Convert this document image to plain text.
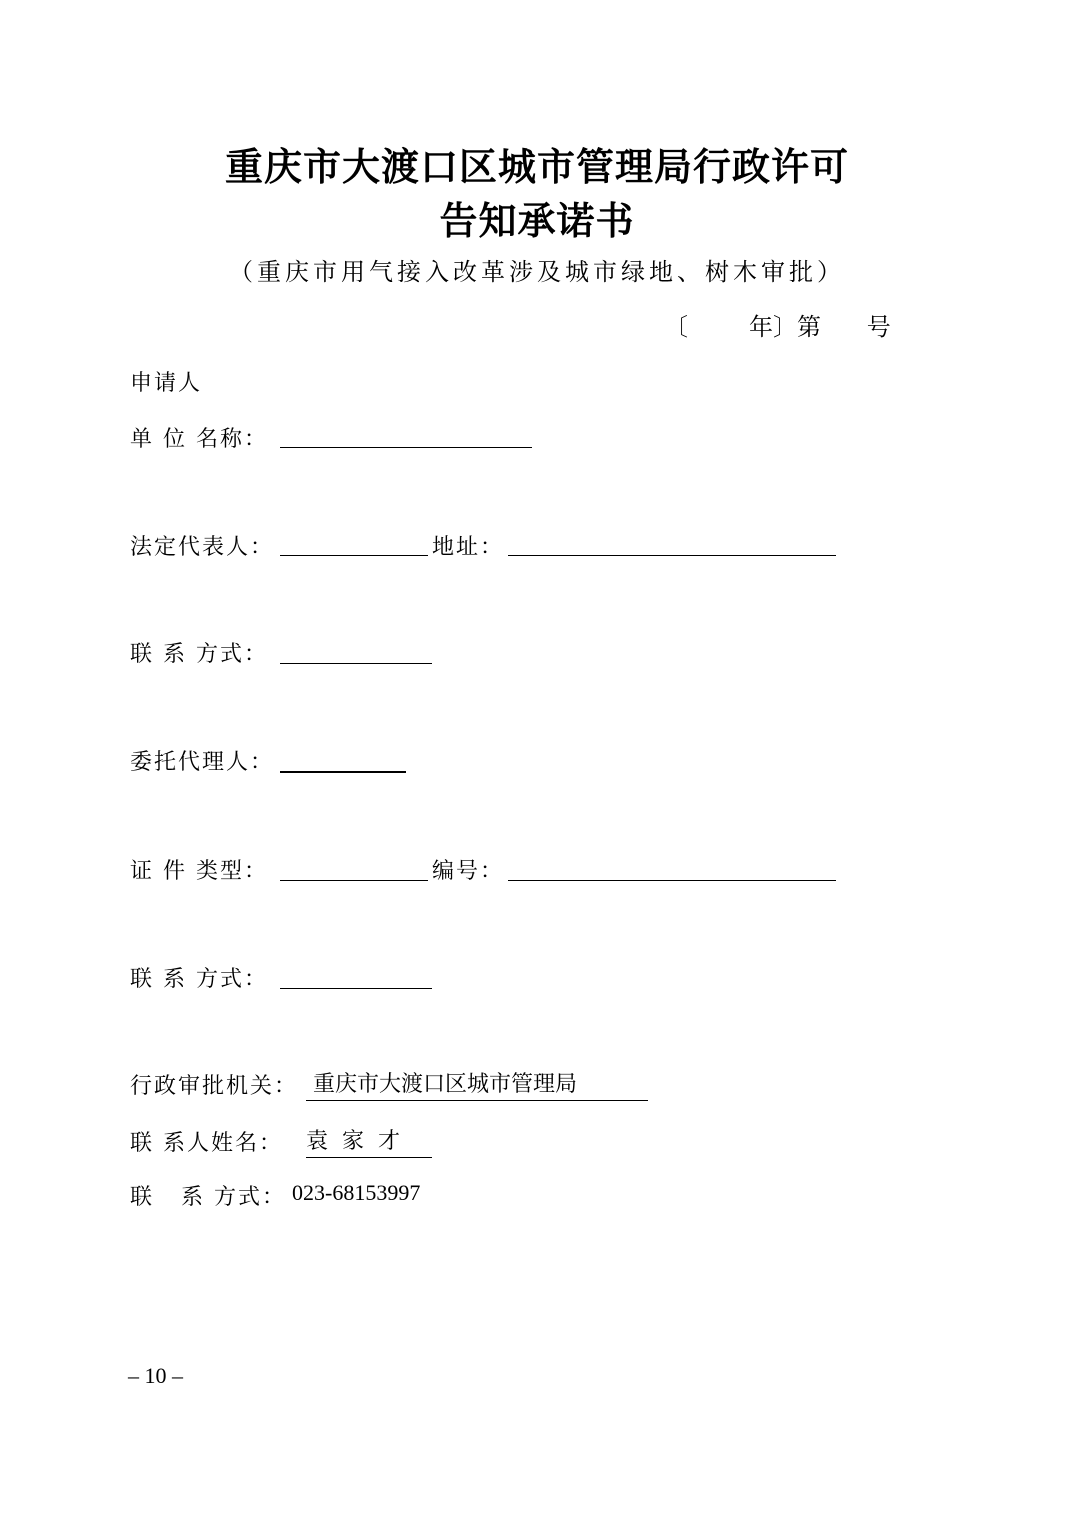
重庆市大渡口区城市管理局行政许可
告知承诺书
（重庆市用气接入改革涉及城市绿地、树木审批）
〔        年〕第      号
申请人
单 位 名称：
法定代表人：	地址：
联 系 方式：
委托代理人：
证 件 类型：	编号：
联 系 方式：
行政审批机关： 重庆市大渡口区城市管理局
联 系人姓名： 袁  家  才
联   系 方式： 023-68153997
– 10 –
